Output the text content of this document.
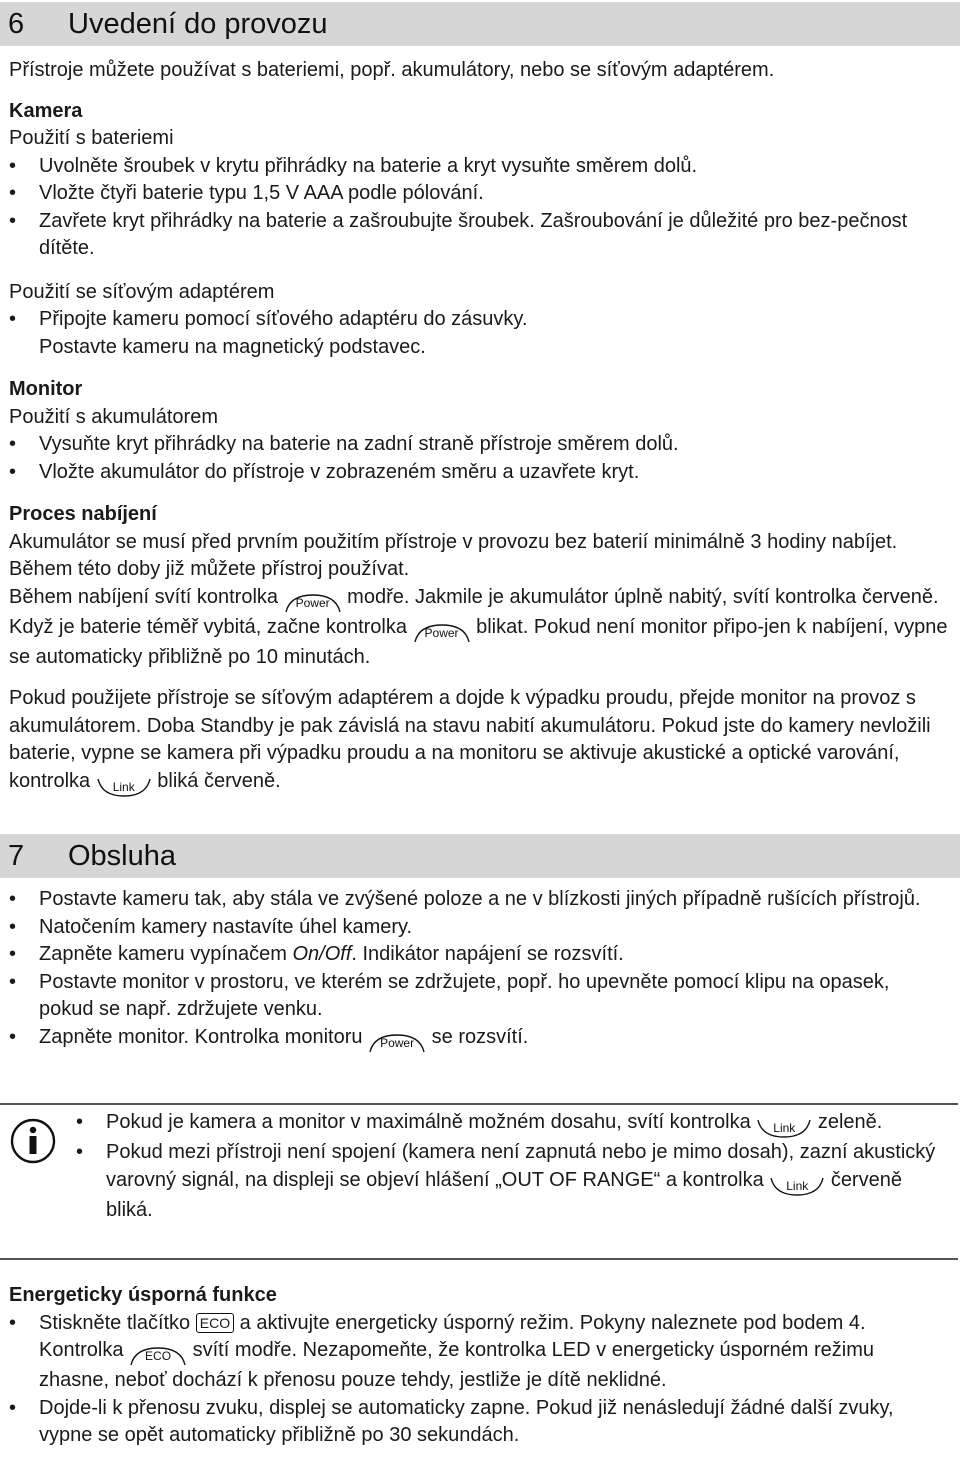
6 Uvedení do provozu
Přístroje můžete používat s bateriemi, popř. akumulátory, nebo se síťovým adaptérem.
Kamera
Použití s bateriemi
• Uvolněte šroubek v krytu přihrádky na baterie a kryt vysuňte směrem dolů.
• Vložte čtyři baterie typu 1,5 V AAA podle pólování.
• Zavřete kryt přihrádky na baterie a zašroubujte šroubek. Zašroubování je důležité pro bez-pečnost dítěte.
Použití se síťovým adaptérem
• Připojte kameru pomocí síťového adaptéru do zásuvky.
Postavte kameru na magnetický podstavec.
Monitor
Použití s akumulátorem
• Vysuňte kryt přihrádky na baterie na zadní straně přístroje směrem dolů.
• Vložte akumulátor do přístroje v zobrazeném směru a uzavřete kryt.
Proces nabíjení
Akumulátor se musí před prvním použitím přístroje v provozu bez baterií minimálně 3 hodiny nabíjet. Během této doby již můžete přístroj používat.
Během nabíjení svítí kontrolka Power modře. Jakmile je akumulátor úplně nabitý, svítí kontrolka červeně. Když je baterie téměř vybitá, začne kontrolka Power blikat. Pokud není monitor připo-jen k nabíjení, vypne se automaticky přibližně po 10 minutách.
Pokud použijete přístroje se síťovým adaptérem a dojde k výpadku proudu, přejde monitor na provoz s akumulátorem. Doba Standby je pak závislá na stavu nabití akumulátoru. Pokud jste do kamery nevložili baterie, vypne se kamera při výpadku proudu a na monitoru se aktivuje akustické a optické varování, kontrolka Link bliká červeně.
7 Obsluha
• Postavte kameru tak, aby stála ve zvýšené poloze a ne v blízkosti jiných případně rušících přístrojů.
• Natočením kamery nastavíte úhel kamery.
• Zapněte kameru vypínačem On/Off. Indikátor napájení se rozsvítí.
• Postavte monitor v prostoru, ve kterém se zdržujete, popř. ho upevněte pomocí klipu na opasek, pokud se např. zdržujete venku.
• Zapněte monitor. Kontrolka monitoru Power se rozsvítí.
• Pokud je kamera a monitor v maximálně možném dosahu, svítí kontrolka Link zeleně.
• Pokud mezi přístroji není spojení (kamera není zapnutá nebo je mimo dosah), zazní akustický varovný signál, na displeji se objeví hlášení „OUT OF RANGE“ a kontrolka Link červeně bliká.
Energeticky úsporná funkce
• Stiskněte tlačítko ECO a aktivujte energeticky úsporný režim. Pokyny naleznete pod bodem 4. Kontrolka ECO svítí modře. Nezapomeňte, že kontrolka LED v energeticky úsporném režimu zhasne, neboť dochází k přenosu pouze tehdy, jestliže je dítě neklidné.
• Dojde-li k přenosu zvuku, displej se automaticky zapne. Pokud již nenásledují žádné další zvuky, vypne se opět automaticky přibližně po 30 sekundách.
